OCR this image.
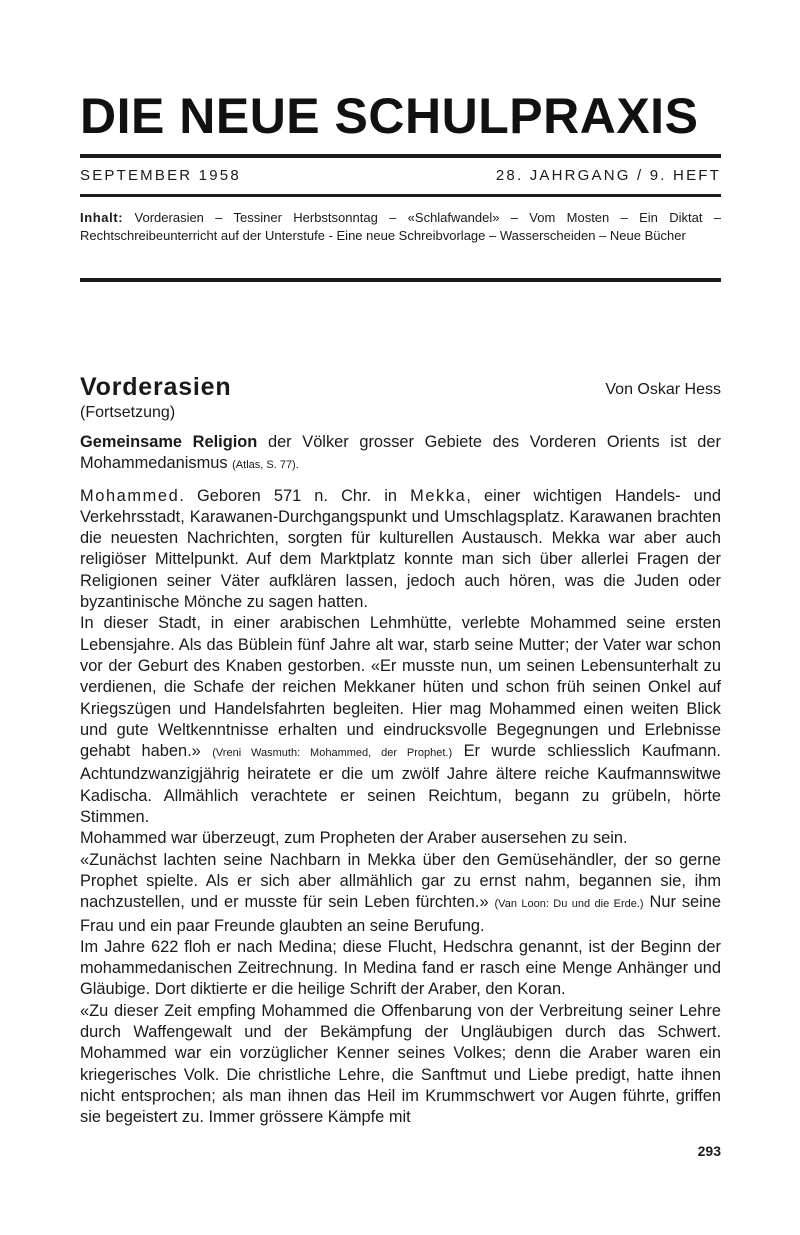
DIE NEUE SCHULPRAXIS
SEPTEMBER 1958	28. JAHRGANG / 9. HEFT
Inhalt: Vorderasien – Tessiner Herbstsonntag – «Schlafwandel» – Vom Mosten – Ein Diktat – Rechtschreibeunterricht auf der Unterstufe - Eine neue Schreibvorlage – Wasserscheiden – Neue Bücher
Vorderasien	Von Oskar Hess
(Fortsetzung)

Gemeinsame Religion der Völker grosser Gebiete des Vorderen Orients ist der Mohammedanismus (Atlas, S. 77).

Mohammed. Geboren 571 n. Chr. in Mekka, einer wichtigen Handels- und Verkehrsstadt, Karawanen-Durchgangspunkt und Umschlagsplatz. Karawanen brachten die neuesten Nachrichten, sorgten für kulturellen Austausch. Mekka war aber auch religiöser Mittelpunkt. Auf dem Marktplatz konnte man sich über allerlei Fragen der Religionen seiner Väter aufklären lassen, jedoch auch hören, was die Juden oder byzantinische Mönche zu sagen hatten.

In dieser Stadt, in einer arabischen Lehmhütte, verlebte Mohammed seine ersten Lebensjahre. Als das Büblein fünf Jahre alt war, starb seine Mutter; der Vater war schon vor der Geburt des Knaben gestorben. «Er musste nun, um seinen Lebensunterhalt zu verdienen, die Schafe der reichen Mekkaner hüten und schon früh seinen Onkel auf Kriegszügen und Handelsfahrten begleiten. Hier mag Mohammed einen weiten Blick und gute Weltkenntnisse erhalten und eindrucksvolle Begegnungen und Erlebnisse gehabt haben.» (Vreni Wasmuth: Mohammed, der Prophet.) Er wurde schliesslich Kaufmann. Achtundzwanzigjährig heiratete er die um zwölf Jahre ältere reiche Kaufmannswitwe Kadischa. Allmählich verachtete er seinen Reichtum, begann zu grübeln, hörte Stimmen.

Mohammed war überzeugt, zum Propheten der Araber ausersehen zu sein.

«Zunächst lachten seine Nachbarn in Mekka über den Gemüsehändler, der so gerne Prophet spielte. Als er sich aber allmählich gar zu ernst nahm, begannen sie, ihm nachzustellen, und er musste für sein Leben fürchten.» (Van Loon: Du und die Erde.) Nur seine Frau und ein paar Freunde glaubten an seine Berufung.

Im Jahre 622 floh er nach Medina; diese Flucht, Hedschra genannt, ist der Beginn der mohammedanischen Zeitrechnung. In Medina fand er rasch eine Menge Anhänger und Gläubige. Dort diktierte er die heilige Schrift der Araber, den Koran.

«Zu dieser Zeit empfing Mohammed die Offenbarung von der Verbreitung seiner Lehre durch Waffengewalt und der Bekämpfung der Ungläubigen durch das Schwert. Mohammed war ein vorzüglicher Kenner seines Volkes; denn die Araber waren ein kriegerisches Volk. Die christliche Lehre, die Sanftmut und Liebe predigt, hatte ihnen nicht entsprochen; als man ihnen das Heil im Krummschwert vor Augen führte, griffen sie begeistert zu. Immer grössere Kämpfe mit

293
